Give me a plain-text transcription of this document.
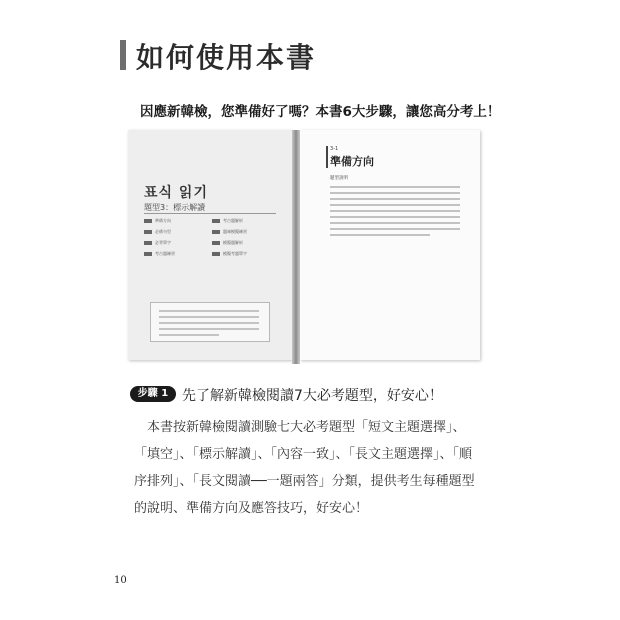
如何使用本書
因應新韓檢，您準備好了嗎？本書6大步驟，讓您高分考上！
표식 읽기
題型3：標示解讀
準備方向	考古題解析
必備句型	題庫模擬練習
必背單字	模擬題解析
考古題練習	模擬考題單字
3-1
準備方向
題型說明
步驟 1 先了解新韓檢閱讀7大必考題型，好安心！
本書按新韓檢閱讀測驗七大必考題型「短文主題選擇」、「填空」、「標示解讀」、「內容一致」、「長文主題選擇」、「順序排列」、「長文閱讀──一題兩答」分類，提供考生每種題型的說明、準備方向及應答技巧，好安心！
10
